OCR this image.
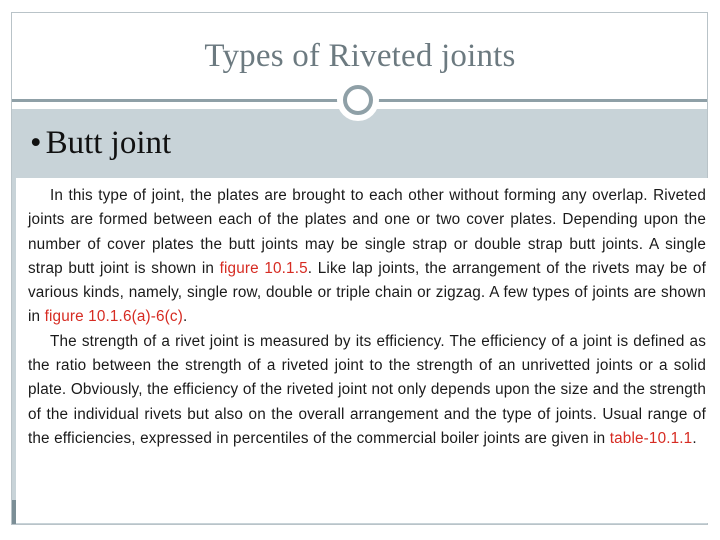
Types of Riveted joints
• Butt joint

In this type of joint, the plates are brought to each other without forming any overlap. Riveted joints are formed between each of the plates and one or two cover plates. Depending upon the number of cover plates the butt joints may be single strap or double strap butt joints. A single strap butt joint is shown in figure 10.1.5. Like lap joints, the arrangement of the rivets may be of various kinds, namely, single row, double or triple chain or zigzag. A few types of joints are shown in figure 10.1.6(a)-6(c).

The strength of a rivet joint is measured by its efficiency. The efficiency of a joint is defined as the ratio between the strength of a riveted joint to the strength of an unrivetted joints or a solid plate. Obviously, the efficiency of the riveted joint not only depends upon the size and the strength of the individual rivets but also on the overall arrangement and the type of joints. Usual range of the efficiencies, expressed in percentiles of the commercial boiler joints are given in table-10.1.1.
